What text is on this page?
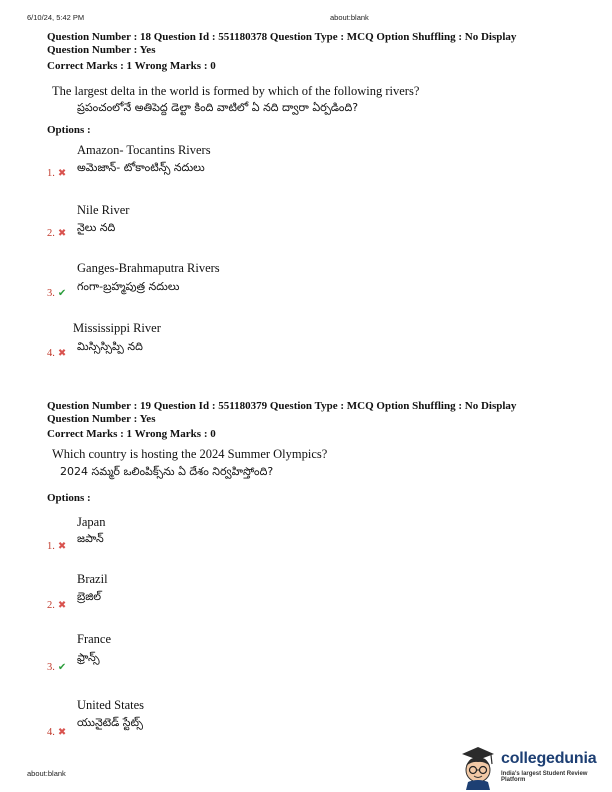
6/10/24, 5:42 PM	about:blank
Question Number : 18 Question Id : 551180378 Question Type : MCQ Option Shuffling : No Display
Question Number : Yes
Correct Marks : 1 Wrong Marks : 0
The largest delta in the world is formed by which of the following rivers?
ప్రపంచంలోనే అతిపెద్ద డెల్టా కింది వాటిలో ఏ నది ద్వారా ఏర్పడింది?
Options :
Amazon- Tocantins Rivers
అమెజాన్- టోకాంటిన్స్ నదులు
1. ✖
Nile River
నైలు నది
2. ✖
Ganges-Brahmaputra Rivers
గంగా-బ్రహ్మపుత్ర నదులు
3. ✔
Mississippi River
మిస్సిస్సిప్పి నది
4. ✖
Question Number : 19 Question Id : 551180379 Question Type : MCQ Option Shuffling : No Display
Question Number : Yes
Correct Marks : 1 Wrong Marks : 0
Which country is hosting the 2024 Summer Olympics?
2024 సమ్మర్ ఒలింపిక్స్‌ను ఏ దేశం నిర్వహిస్తోంది?
Options :
Japan
జపాన్
1. ✖
Brazil
బ్రెజిల్
2. ✖
France
ఫ్రాన్స్
3. ✔
United States
యునైటెడ్ స్టేట్స్
4. ✖
about:blank
collegedunia
India's largest Student Review Platform
